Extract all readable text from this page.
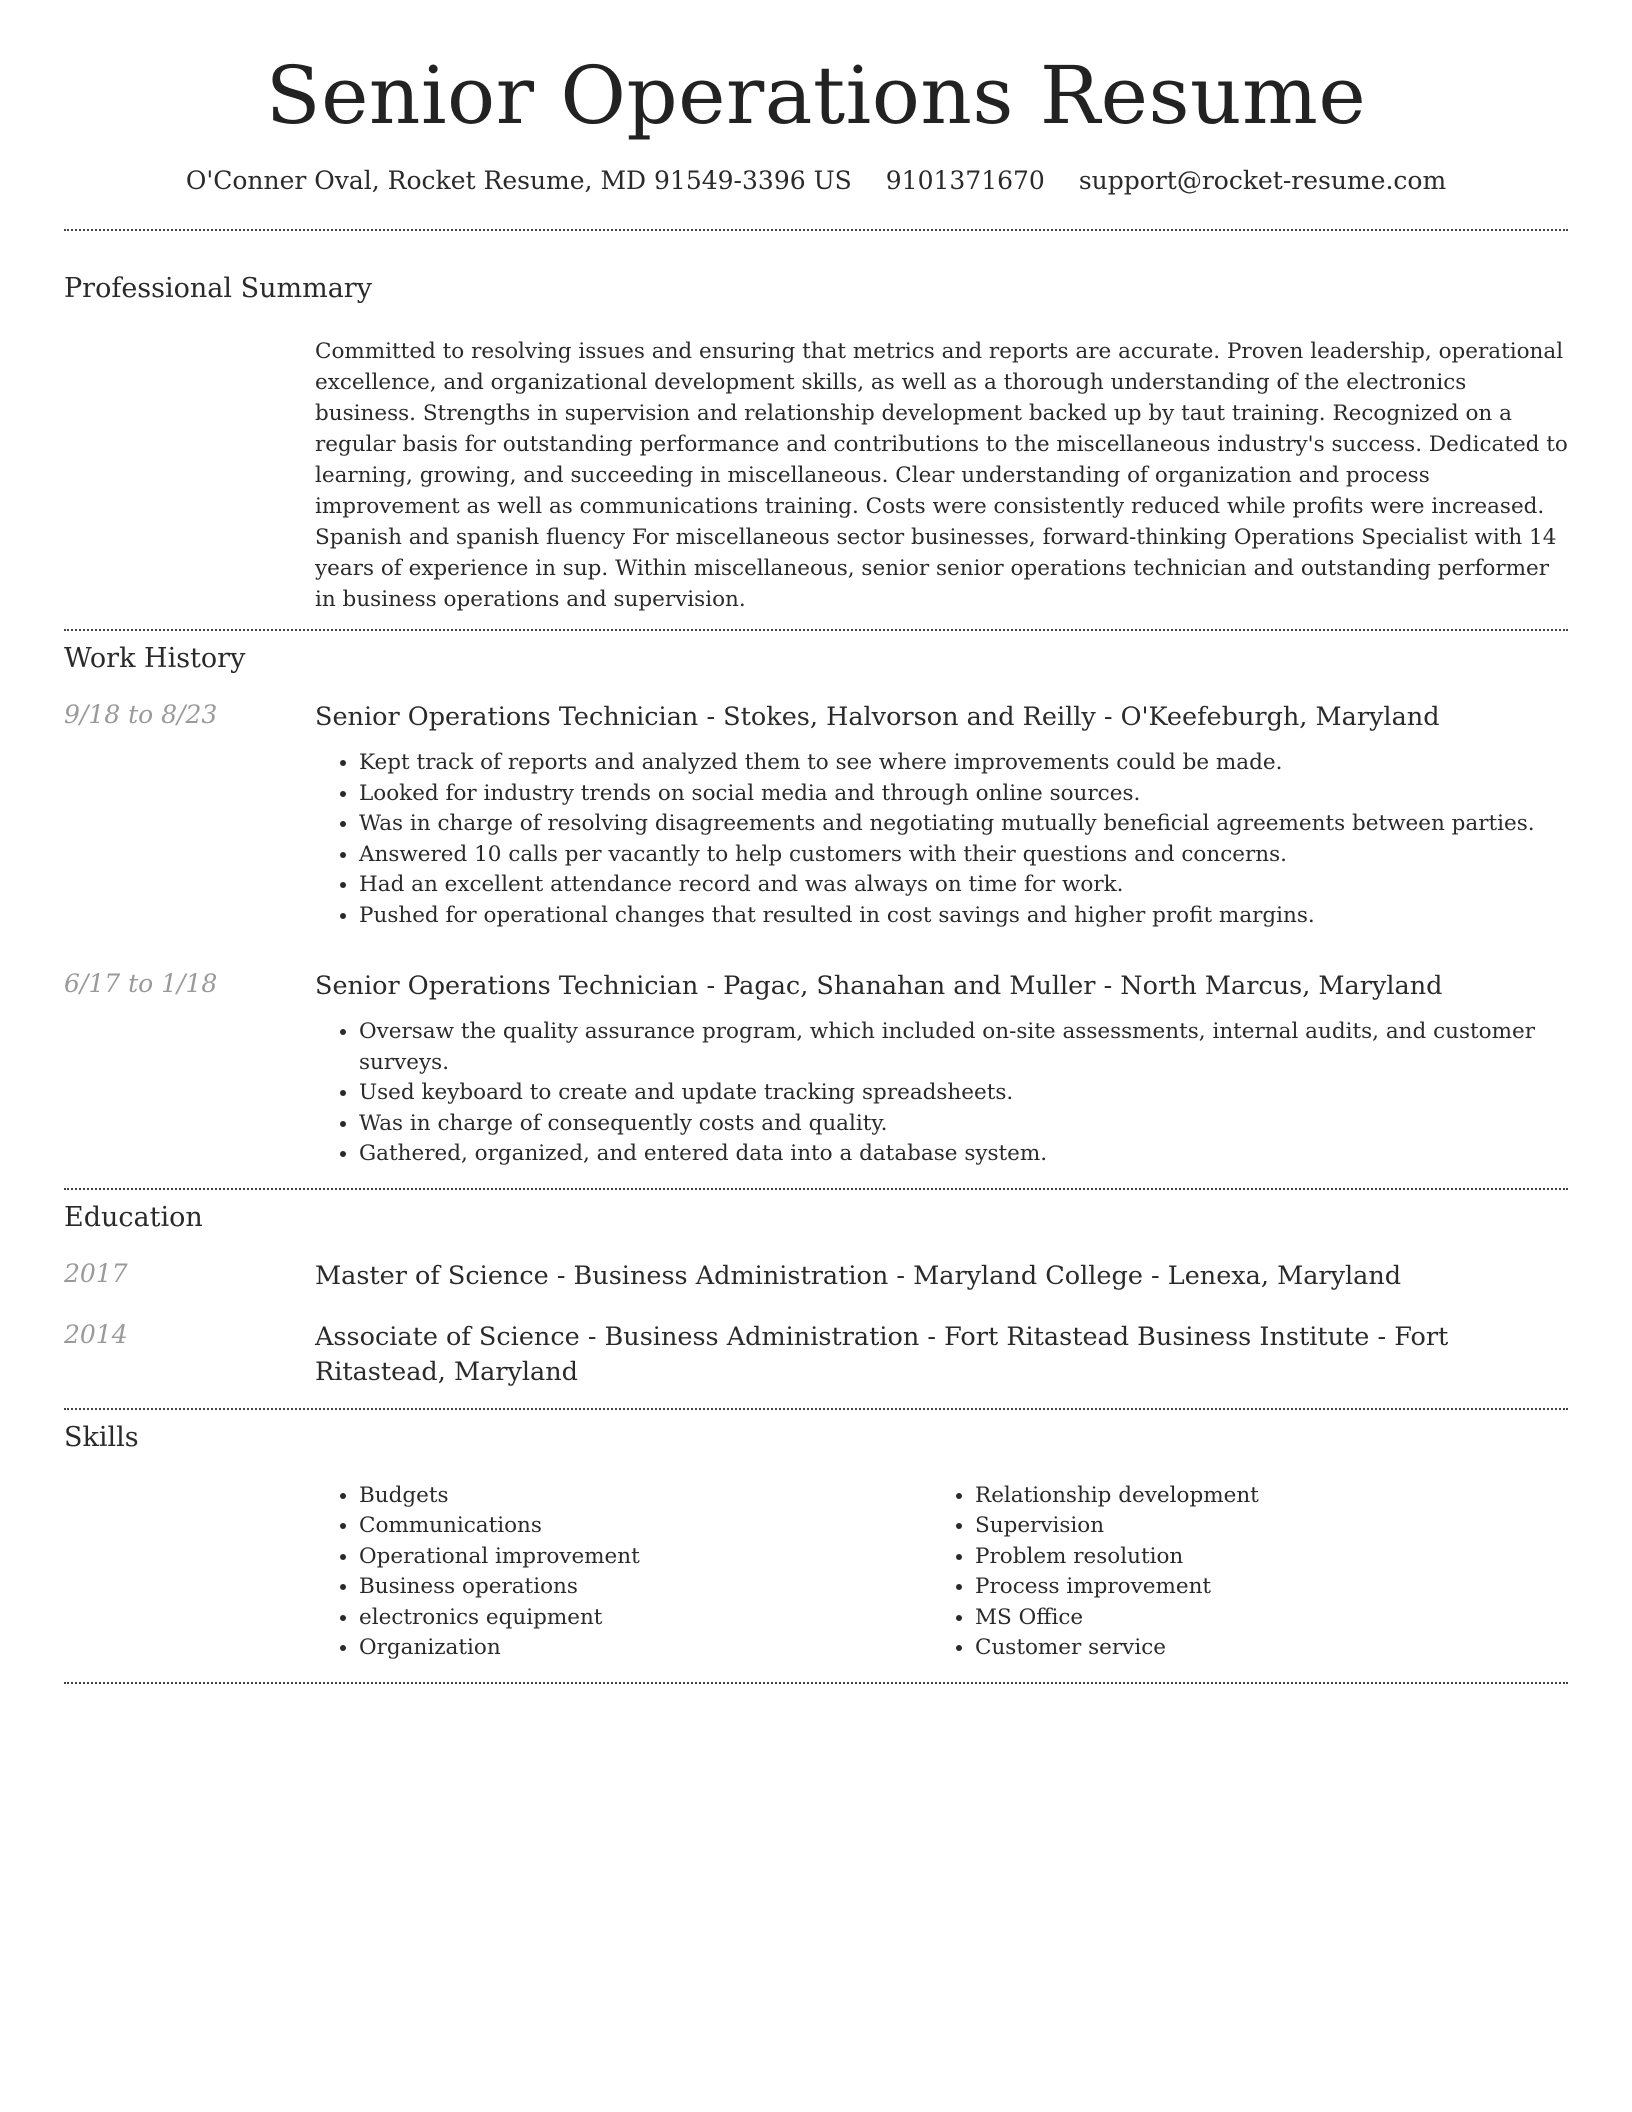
Senior Operations Resume
O'Conner Oval, Rocket Resume, MD 91549-3396 US 9101371670 support@rocket-resume.com
Professional Summary

Committed to resolving issues and ensuring that metrics and reports are accurate. Proven leadership, operational excellence, and organizational development skills, as well as a thorough understanding of the electronics business. Strengths in supervision and relationship development backed up by taut training. Recognized on a regular basis for outstanding performance and contributions to the miscellaneous industry's success. Dedicated to learning, growing, and succeeding in miscellaneous. Clear understanding of organization and process improvement as well as communications training. Costs were consistently reduced while profits were increased. Spanish and spanish fluency For miscellaneous sector businesses, forward-thinking Operations Specialist with 14 years of experience in sup. Within miscellaneous, senior senior operations technician and outstanding performer in business operations and supervision.

Work History
9/18 to 8/23	Senior Operations Technician - Stokes, Halvorson and Reilly - O'Keefeburgh, Maryland
• Kept track of reports and analyzed them to see where improvements could be made.
• Looked for industry trends on social media and through online sources.
• Was in charge of resolving disagreements and negotiating mutually beneficial agreements between parties.
• Answered 10 calls per vacantly to help customers with their questions and concerns.
• Had an excellent attendance record and was always on time for work.
• Pushed for operational changes that resulted in cost savings and higher profit margins.
6/17 to 1/18	Senior Operations Technician - Pagac, Shanahan and Muller - North Marcus, Maryland
• Oversaw the quality assurance program, which included on-site assessments, internal audits, and customer surveys.
• Used keyboard to create and update tracking spreadsheets.
• Was in charge of consequently costs and quality.
• Gathered, organized, and entered data into a database system.
Education
2017	Master of Science - Business Administration - Maryland College - Lenexa, Maryland
2014	Associate of Science - Business Administration - Fort Ritastead Business Institute - Fort Ritastead, Maryland
Skills
• Budgets
• Communications
• Operational improvement
• Business operations
• electronics equipment
• Organization
• Relationship development
• Supervision
• Problem resolution
• Process improvement
• MS Office
• Customer service
